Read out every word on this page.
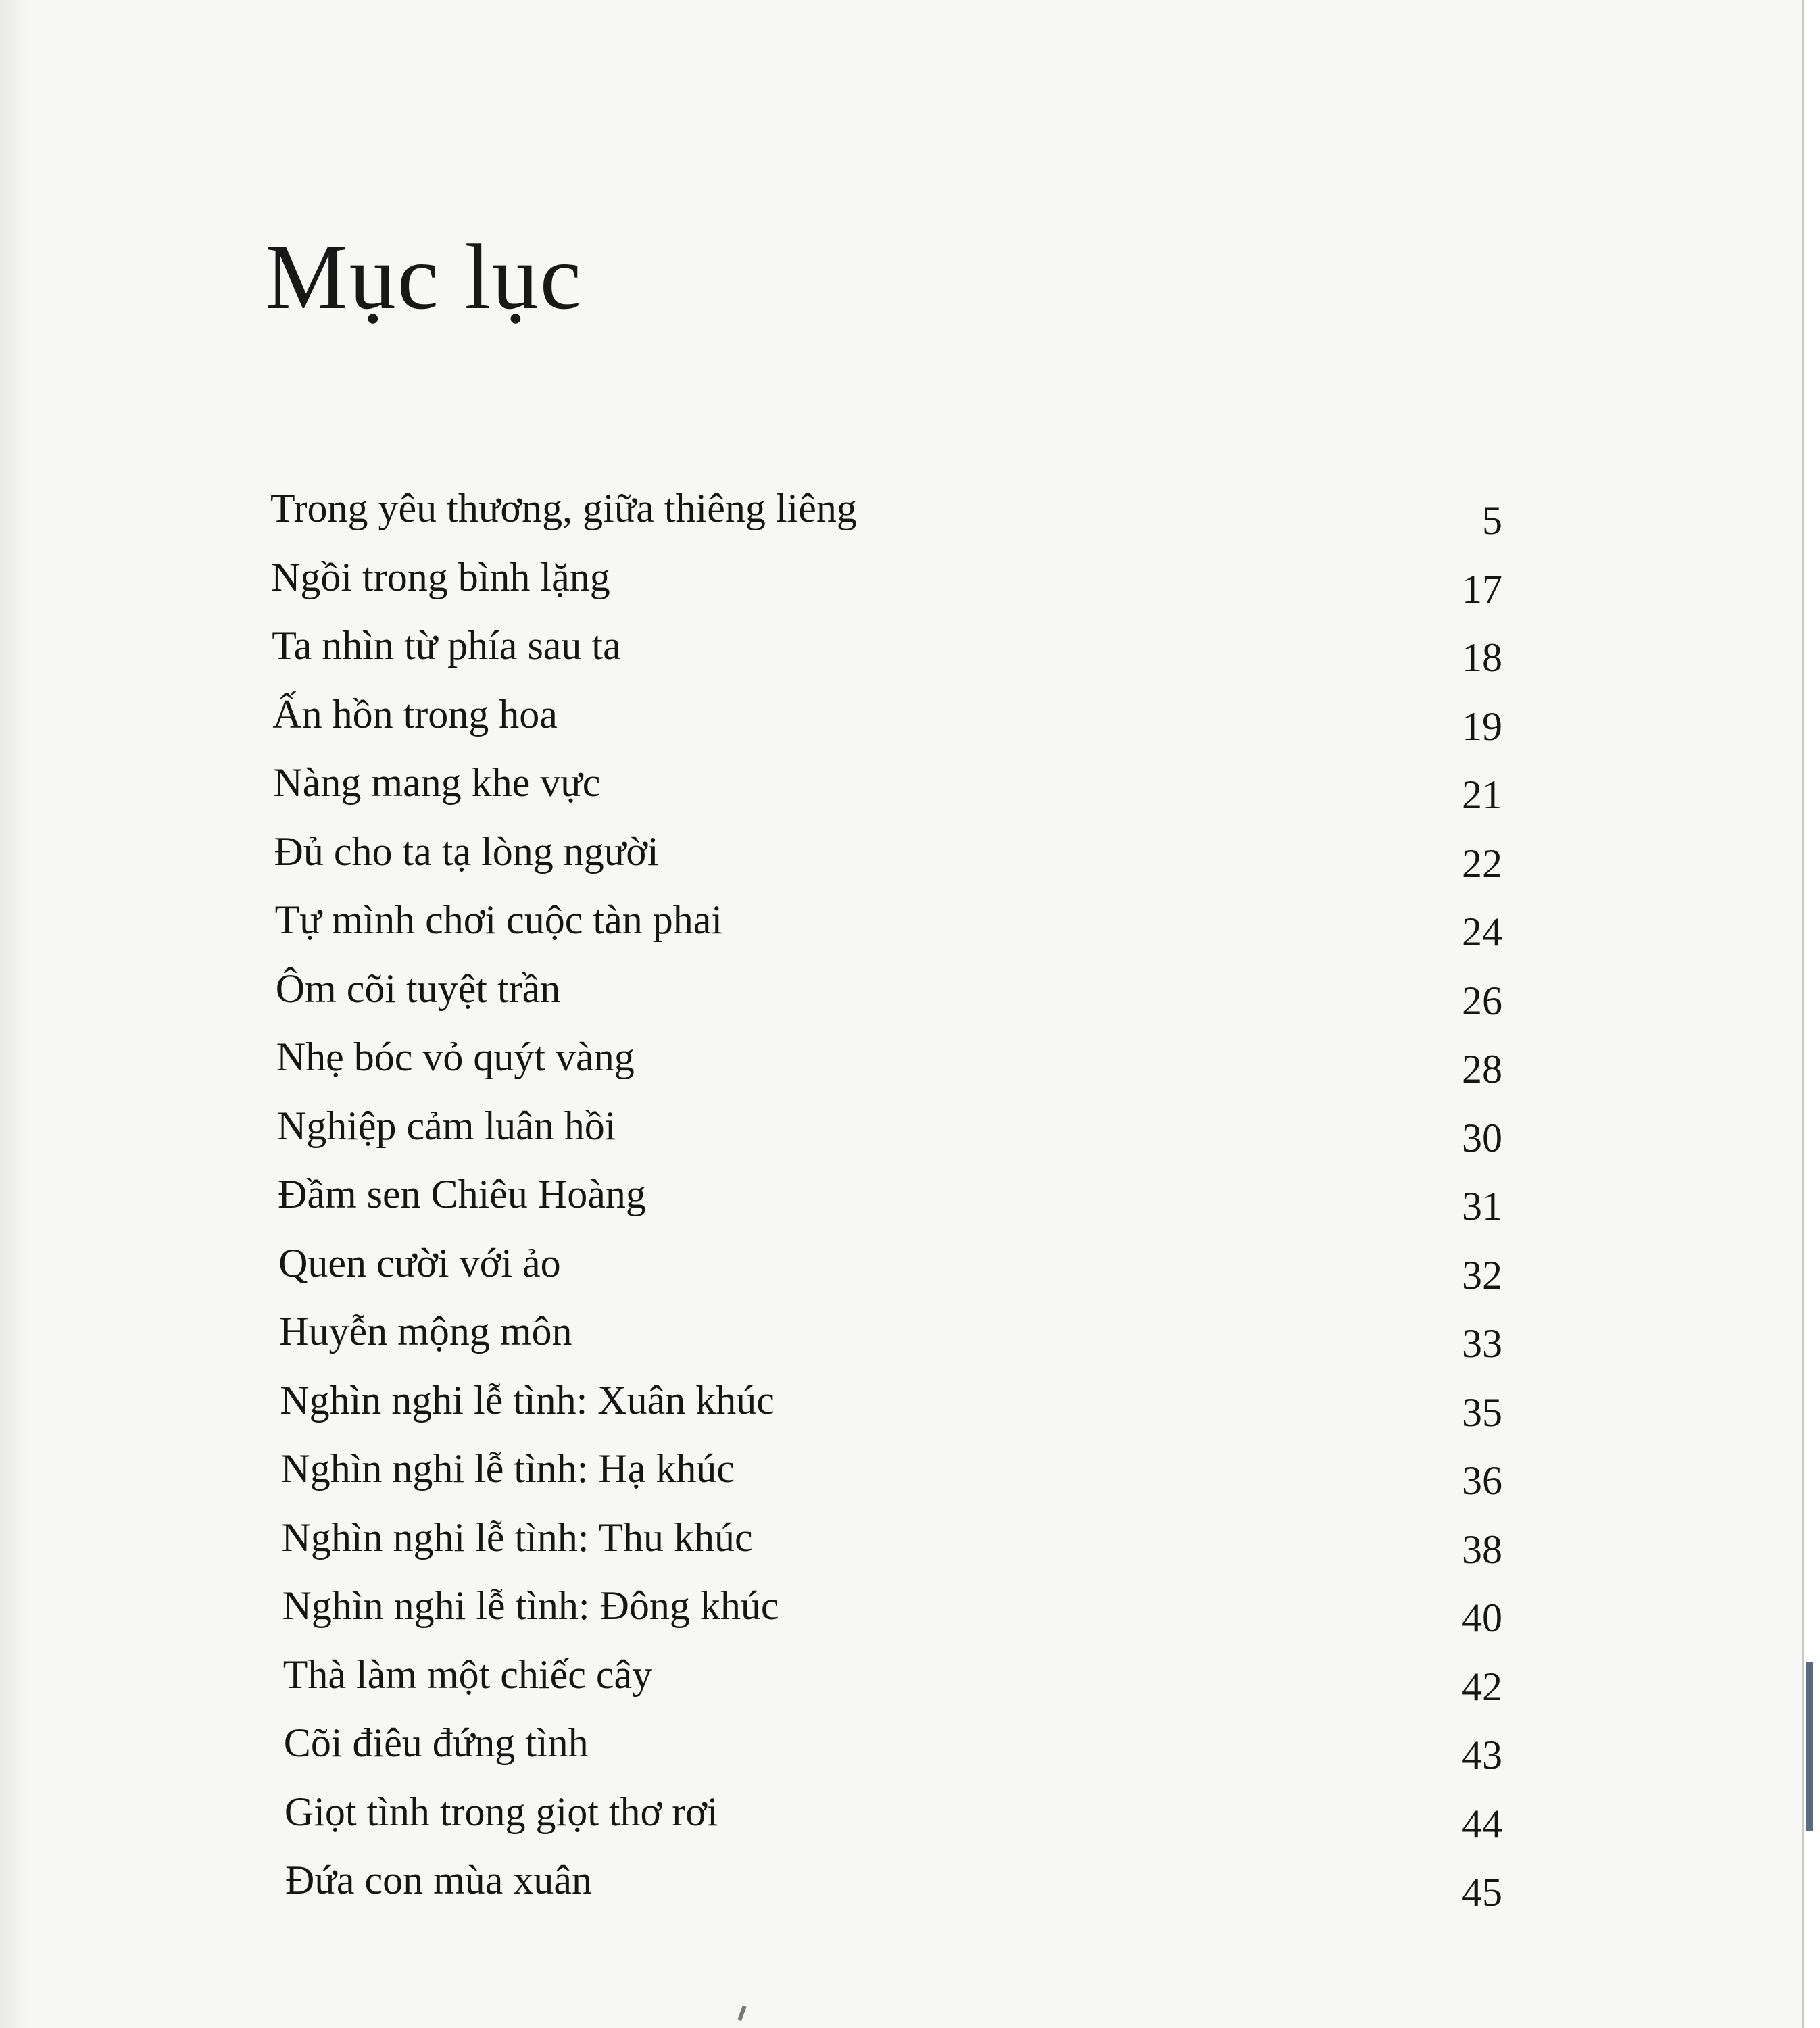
Mục lục
Trong yêu thương, giữa thiêng liêng	5
Ngồi trong bình lặng	17
Ta nhìn từ phía sau ta	18
Ấn hồn trong hoa	19
Nàng mang khe vực	21
Đủ cho ta tạ lòng người	22
Tự mình chơi cuộc tàn phai	24
Ôm cõi tuyệt trần	26
Nhẹ bóc vỏ quýt vàng	28
Nghiệp cảm luân hồi	30
Đầm sen Chiêu Hoàng	31
Quen cười với ảo	32
Huyễn mộng môn	33
Nghìn nghi lễ tình: Xuân khúc	35
Nghìn nghi lễ tình: Hạ khúc	36
Nghìn nghi lễ tình: Thu khúc	38
Nghìn nghi lễ tình: Đông khúc	40
Thà làm một chiếc cây	42
Cõi điêu đứng tình	43
Giọt tình trong giọt thơ rơi	44
Đứa con mùa xuân	45
